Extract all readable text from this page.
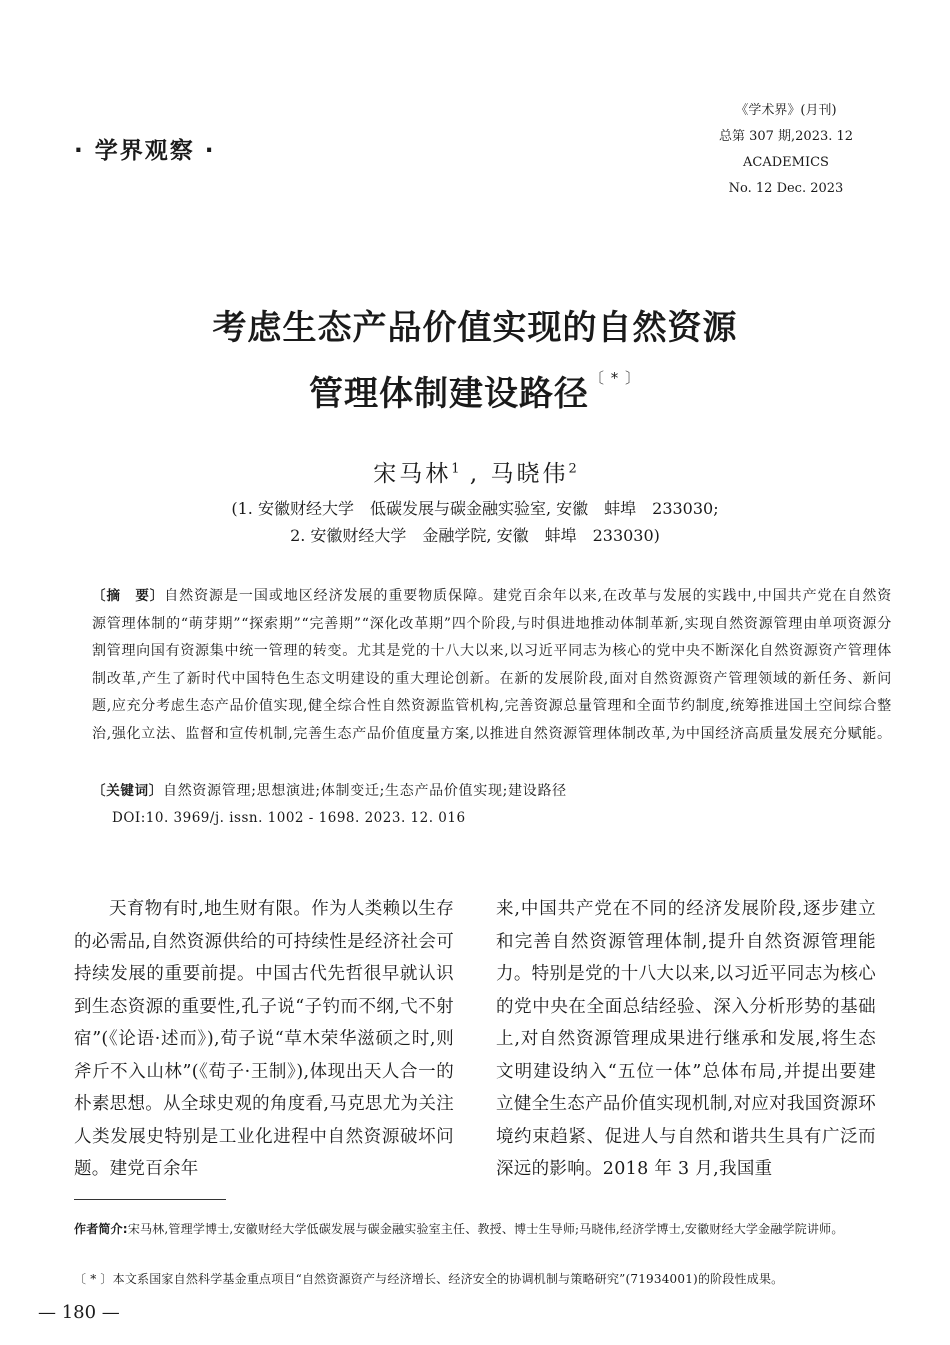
· 学界观察 ·
《学术界》(月刊)
总第 307 期,2023. 12
ACADEMICS
No. 12 Dec. 2023
考虑生态产品价值实现的自然资源
管理体制建设路径〔 * 〕
宋马林$^1$ , 马晓伟$^2$
(1. 安徽财经大学　低碳发展与碳金融实验室, 安徽　蚌埠　233030;
2. 安徽财经大学　金融学院, 安徽　蚌埠　233030)
〔摘　要〕自然资源是一国或地区经济发展的重要物质保障。建党百余年以来,在改革与发展的实践中,中国共产党在自然资源管理体制的“萌芽期”“探索期”“完善期”“深化改革期”四个阶段,与时俱进地推动体制革新,实现自然资源管理由单项资源分割管理向国有资源集中统一管理的转变。尤其是党的十八大以来,以习近平同志为核心的党中央不断深化自然资源资产管理体制改革,产生了新时代中国特色生态文明建设的重大理论创新。在新的发展阶段,面对自然资源资产管理领域的新任务、新问题,应充分考虑生态产品价值实现,健全综合性自然资源监管机构,完善资源总量管理和全面节约制度,统筹推进国土空间综合整治,强化立法、监督和宣传机制,完善生态产品价值度量方案,以推进自然资源管理体制改革,为中国经济高质量发展充分赋能。
〔关键词〕自然资源管理;思想演进;体制变迁;生态产品价值实现;建设路径
DOI:10. 3969/j. issn. 1002 - 1698. 2023. 12. 016
天育物有时,地生财有限。作为人类赖以生存的必需品,自然资源供给的可持续性是经济社会可持续发展的重要前提。中国古代先哲很早就认识到生态资源的重要性,孔子说“子钓而不纲,弋不射宿”(《论语·述而》),荀子说“草木荣华滋硕之时,则斧斤不入山林”(《荀子·王制》),体现出天人合一的朴素思想。从全球史观的角度看,马克思尤为关注人类发展史特别是工业化进程中自然资源破坏问题。建党百余年
来,中国共产党在不同的经济发展阶段,逐步建立和完善自然资源管理体制,提升自然资源管理能力。特别是党的十八大以来,以习近平同志为核心的党中央在全面总结经验、深入分析形势的基础上,对自然资源管理成果进行继承和发展,将生态文明建设纳入“五位一体”总体布局,并提出要建立健全生态产品价值实现机制,对应对我国资源环境约束趋紧、促进人与自然和谐共生具有广泛而深远的影响。2018 年 3 月,我国重
作者简介:宋马林,管理学博士,安徽财经大学低碳发展与碳金融实验室主任、教授、博士生导师;马晓伟,经济学博士,安徽财经大学金融学院讲师。
〔 * 〕本文系国家自然科学基金重点项目“自然资源资产与经济增长、经济安全的协调机制与策略研究”(71934001)的阶段性成果。
— 180 —
